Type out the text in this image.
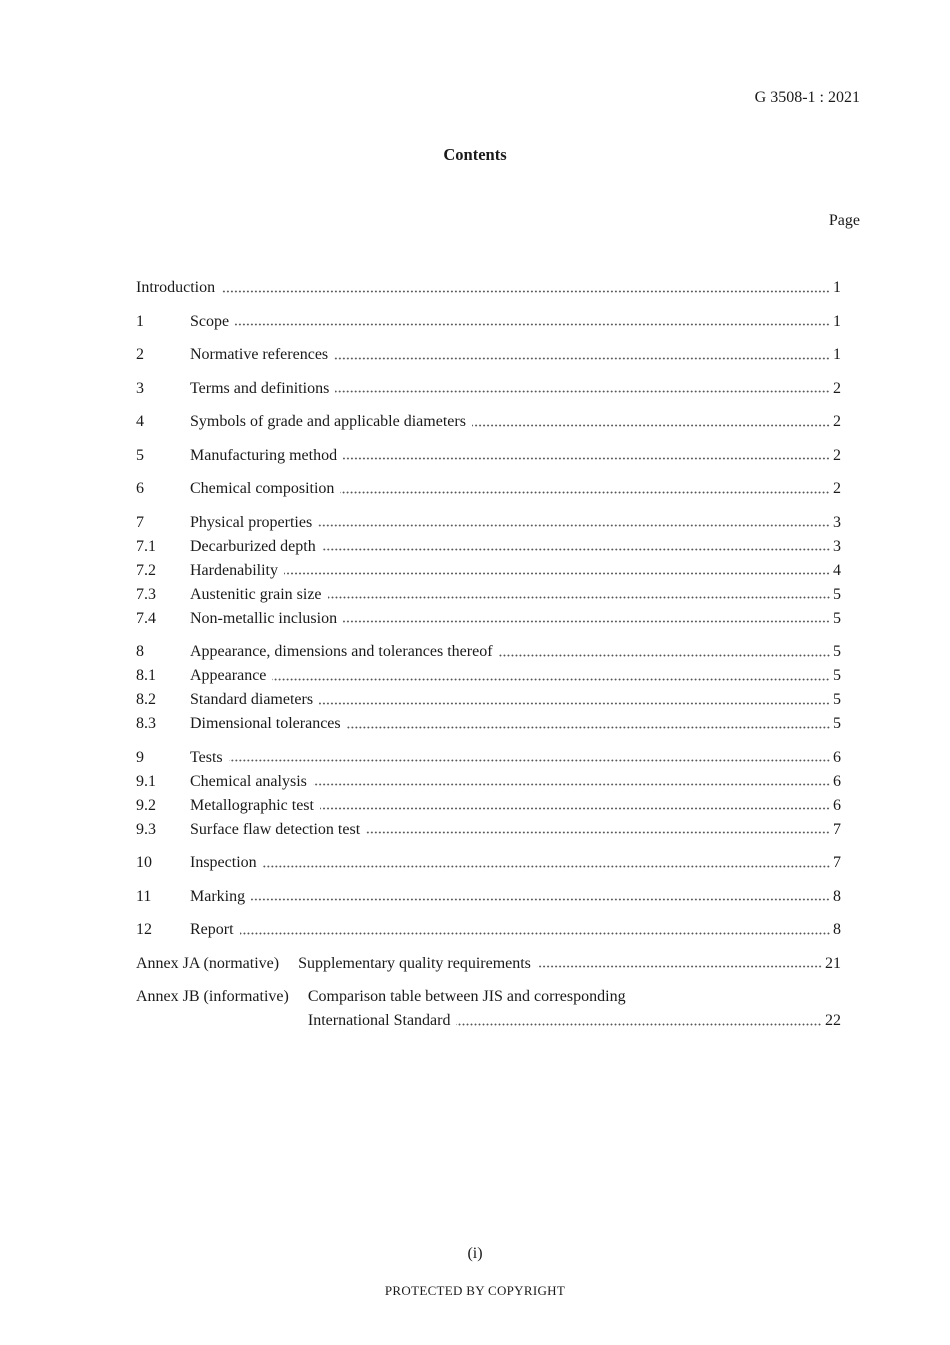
G 3508-1 : 2021
Contents
Page
Introduction	1
1	Scope	1
2	Normative references	1
3	Terms and definitions	2
4	Symbols of grade and applicable diameters	2
5	Manufacturing method	2
6	Chemical composition	2
7	Physical properties	3
7.1	Decarburized depth	3
7.2	Hardenability	4
7.3	Austenitic grain size	5
7.4	Non-metallic inclusion	5
8	Appearance, dimensions and tolerances thereof	5
8.1	Appearance	5
8.2	Standard diameters	5
8.3	Dimensional tolerances	5
9	Tests	6
9.1	Chemical analysis	6
9.2	Metallographic test	6
9.3	Surface flaw detection test	7
10	Inspection	7
11	Marking	8
12	Report	8
Annex JA (normative)	Supplementary quality requirements	21
Annex JB (informative)	Comparison table between JIS and corresponding
International Standard	22
(i)
PROTECTED BY COPYRIGHT
